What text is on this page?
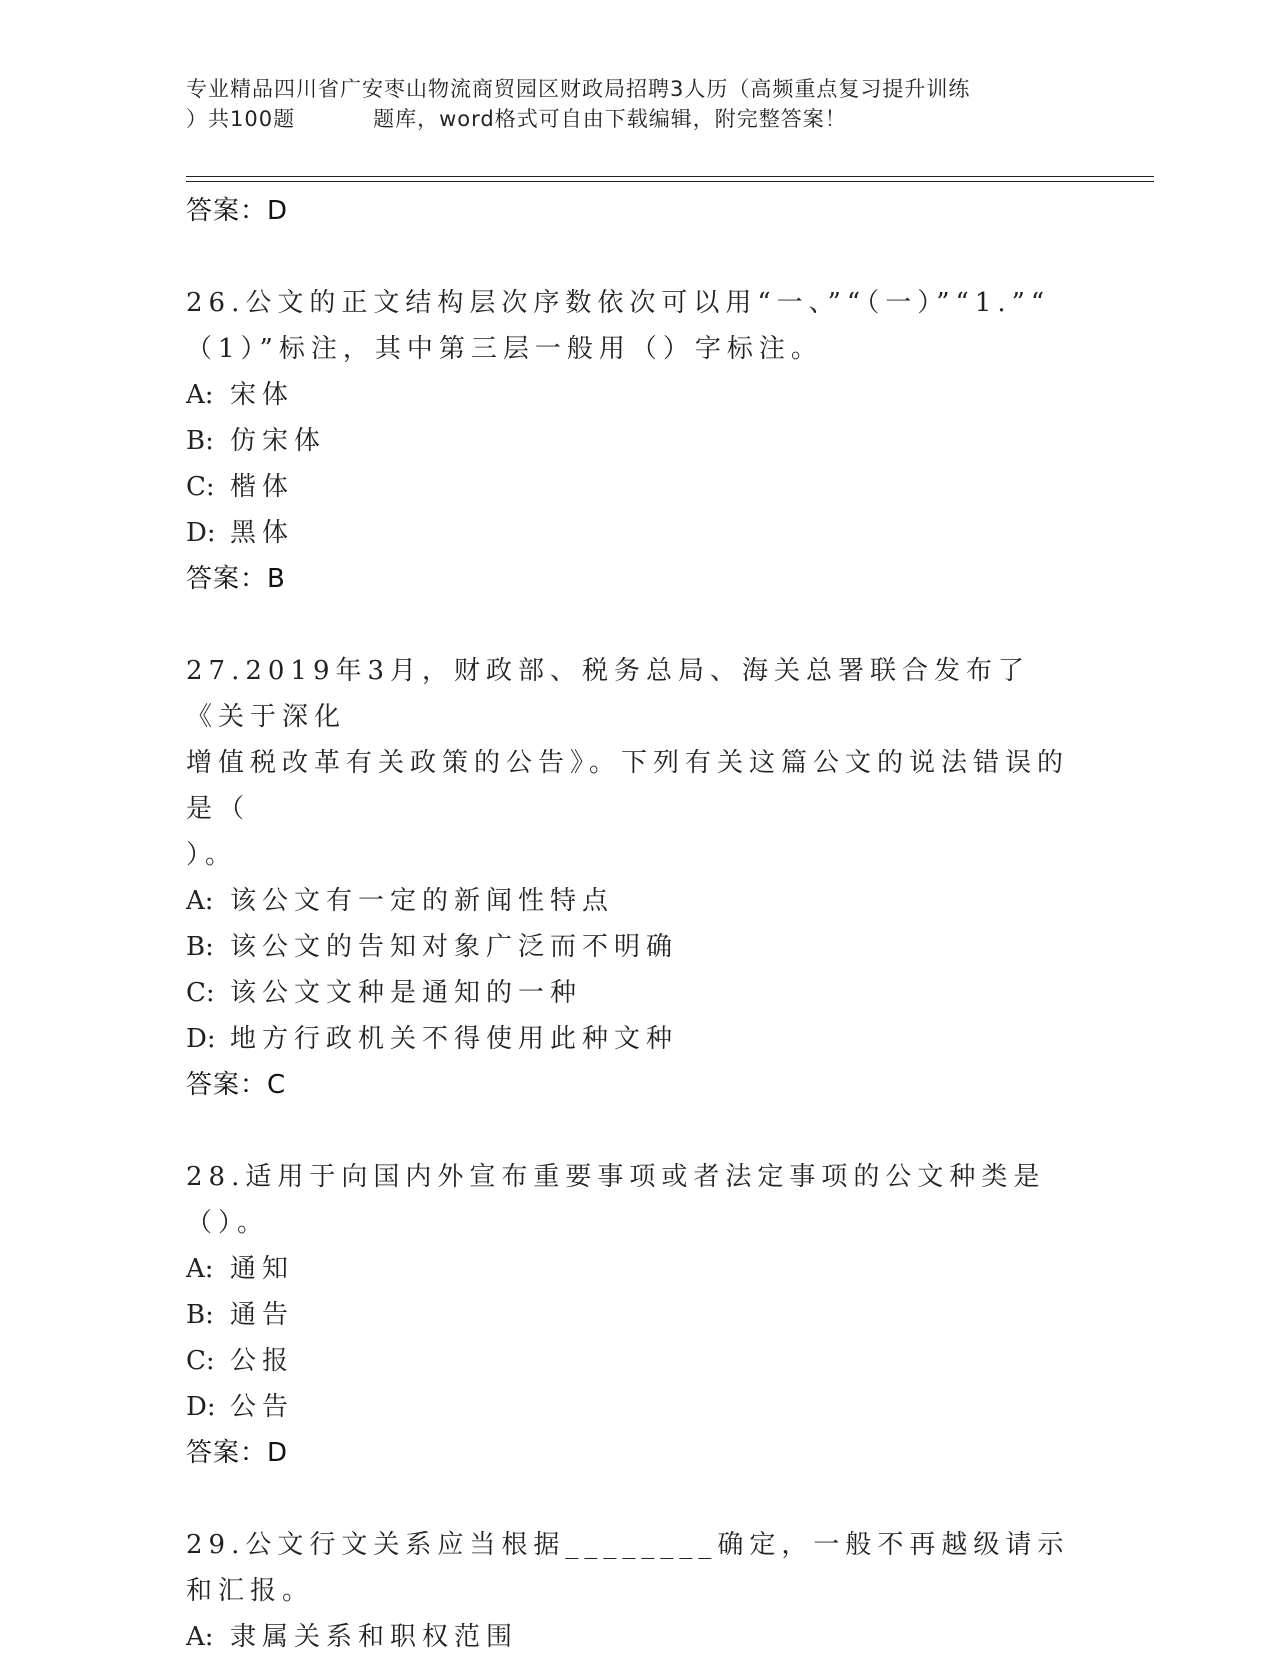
专业精品四川省广安枣山物流商贸园区财政局招聘3人历（高频重点复习提升训练

）共100题	题库，word格式可自由下载编辑，附完整答案！
答案：D
26.公文的正文结构层次序数依次可以用“一、”“（一）”“1.”“
（1）”标注，其中第三层一般用（）字标注。
A: 宋体
B: 仿宋体
C: 楷体
D: 黑体
答案：B
27.2019年3月，财政部、税务总局、海关总署联合发布了《关于深化
增值税改革有关政策的公告》。下列有关这篇公文的说法错误的是（
）。
A: 该公文有一定的新闻性特点
B: 该公文的告知对象广泛而不明确
C: 该公文文种是通知的一种
D: 地方行政机关不得使用此种文种
答案：C
28.适用于向国内外宣布重要事项或者法定事项的公文种类是（）。
A: 通知
B: 通告
C: 公报
D: 公告
答案：D
29.公文行文关系应当根据________确定，一般不再越级请示和汇报。
A: 隶属关系和职权范围
